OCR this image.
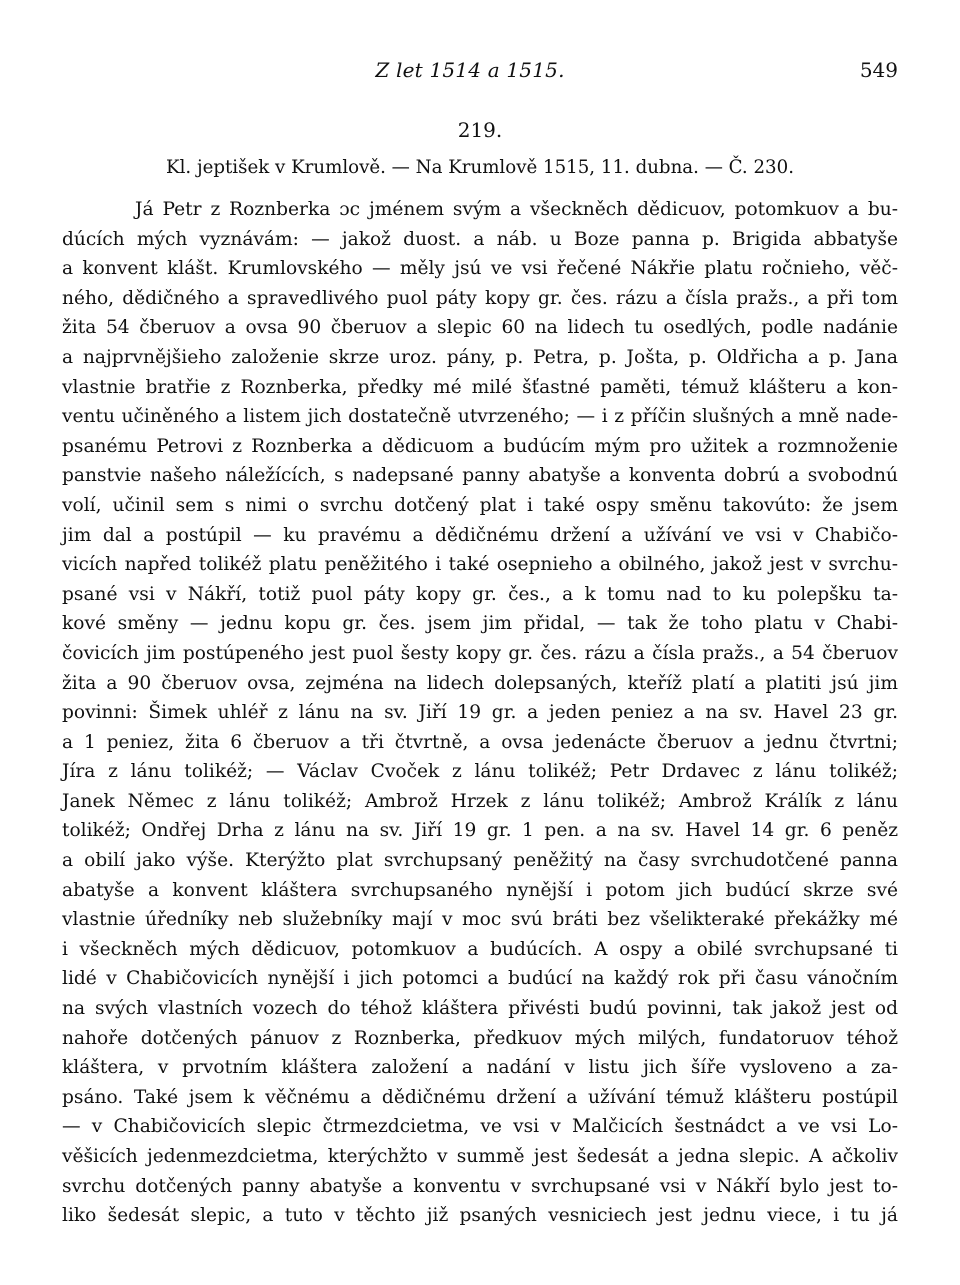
Z let 1514 a 1515.	549
219.
Kl. jeptišek v Krumlově. — Na Krumlově 1515, 11. dubna. — Č. 230.
Já Petr z Roznberka ɔc jménem svým a všeckněch dědicuov, potomkuov a bu-
dúcích mých vyznávám: — jakož duost. a náb. u Boze panna p. Brigida abbatyše
a konvent klášt. Krumlovského — měly jsú ve vsi řečené Nákřie platu ročnieho, věč-
ného, dědičného a spravedlivého puol páty kopy gr. čes. rázu a čísla pražs., a při tom
žita 54 čberuov a ovsa 90 čberuov a slepic 60 na lidech tu osedlých, podle nadánie
a najprvnějšieho založenie skrze uroz. pány, p. Petra, p. Jošta, p. Oldřicha a p. Jana
vlastnie bratřie z Roznberka, předky mé milé šťastné paměti, témuž klášteru a kon-
ventu učiněného a listem jich dostatečně utvrzeného; — i z příčin slušných a mně nade-
psanému Petrovi z Roznberka a dědicuom a budúcím mým pro užitek a rozmnoženie
panstvie našeho náležících, s nadepsané panny abatyše a konventa dobrú a svobodnú
volí, učinil sem s nimi o svrchu dotčený plat i také ospy směnu takovúto: že jsem
jim dal a postúpil — ku pravému a dědičnému držení a užívání ve vsi v Chabičo-
vicích napřed tolikéž platu peněžitého i také osepnieho a obilného, jakož jest v svrchu-
psané vsi v Nákří, totiž puol páty kopy gr. čes., a k tomu nad to ku polepšku ta-
kové směny — jednu kopu gr. čes. jsem jim přidal, — tak že toho platu v Chabi-
čovicích jim postúpeného jest puol šesty kopy gr. čes. rázu a čísla pražs., a 54 čberuov
žita a 90 čberuov ovsa, zejména na lidech dolepsaných, kteříž platí a platiti jsú jim
povinni: Šimek uhléř z lánu na sv. Jiří 19 gr. a jeden peniez a na sv. Havel 23 gr.
a 1 peniez, žita 6 čberuov a tři čtvrtně, a ovsa jedenácte čberuov a jednu čtvrtni;
Jíra z lánu tolikéž; — Václav Cvoček z lánu tolikéž; Petr Drdavec z lánu tolikéž;
Janek Němec z lánu tolikéž; Ambrož Hrzek z lánu tolikéž; Ambrož Králík z lánu
tolikéž; Ondřej Drha z lánu na sv. Jiří 19 gr. 1 pen. a na sv. Havel 14 gr. 6 peněz
a obilí jako výše. Kterýžto plat svrchupsaný peněžitý na časy svrchudotčené panna
abatyše a konvent kláštera svrchupsaného nynější i potom jich budúcí skrze své
vlastnie úředníky neb služebníky mají v moc svú bráti bez všelikteraké překážky mé
i všeckněch mých dědicuov, potomkuov a budúcích. A ospy a obilé svrchupsané ti
lidé v Chabičovicích nynější i jich potomci a budúcí na každý rok při času vánočním
na svých vlastních vozech do téhož kláštera přivésti budú povinni, tak jakož jest od
nahoře dotčených pánuov z Roznberka, předkuov mých milých, fundatoruov téhož
kláštera, v prvotním kláštera založení a nadání v listu jich šíře vysloveno a za-
psáno. Také jsem k věčnému a dědičnému držení a užívání témuž klášteru postúpil
— v Chabičovicích slepic čtrmezdcietma, ve vsi v Malčicích šestnádct a ve vsi Lo-
věšicích jedenmezdcietma, kterýchžto v summě jest šedesát a jedna slepic. A ačkoliv
svrchu dotčených panny abatyše a konventu v svrchupsané vsi v Nákří bylo jest to-
liko šedesát slepic, a tuto v těchto již psaných vesniciech jest jednu viece, i tu já
